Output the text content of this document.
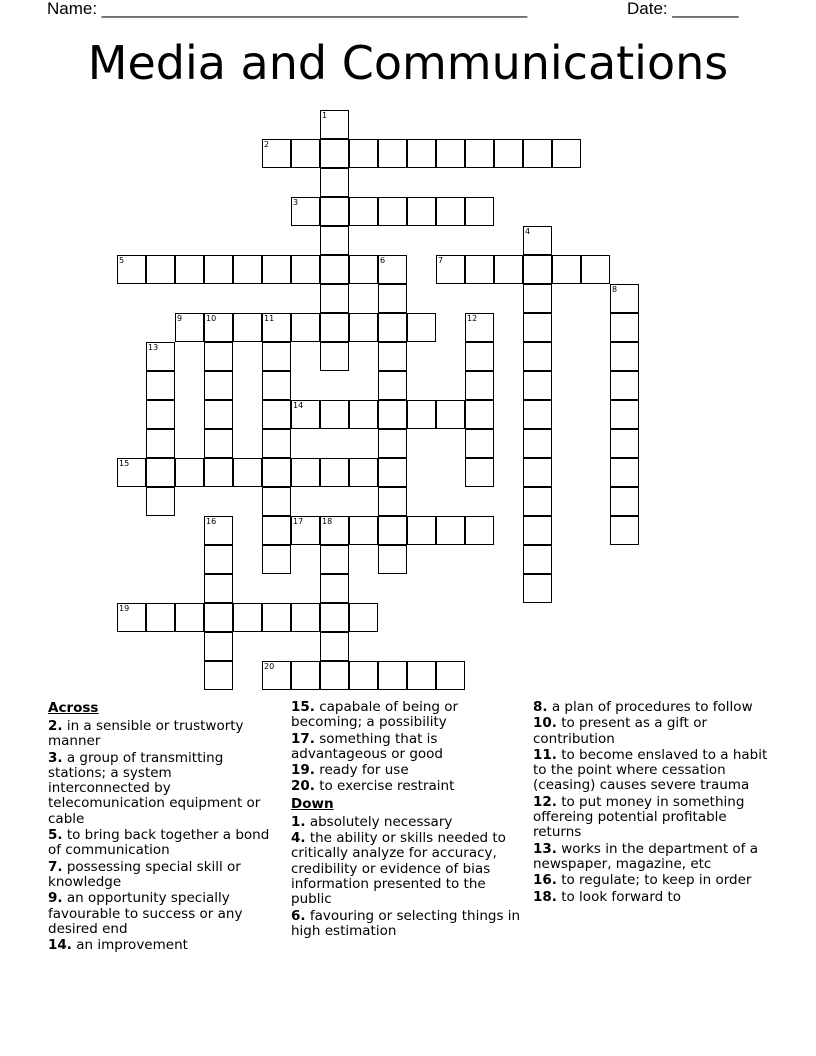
Name: _____________________________________________	Date: _______
Media and Communications
1
2
3
4
5	6	7
8
9	10	11	12
13
14
15
16	17 18
19
20
Across
2. in a sensible or trustworty manner
3. a group of transmitting stations; a system interconnected by telecomunication equipment or cable
5. to bring back together a bond of communication
7. possessing special skill or knowledge
9. an opportunity specially favourable to success or any desired end
14. an improvement
15. capabale of being or becoming; a possibility
17. something that is advantageous or good
19. ready for use
20. to exercise restraint
Down
1. absolutely necessary
4. the ability or skills needed to critically analyze for accuracy, credibility or evidence of bias information presented to the public
6. favouring or selecting things in high estimation
8. a plan of procedures to follow
10. to present as a gift or contribution
11. to become enslaved to a habit to the point where cessation (ceasing) causes severe trauma
12. to put money in something offereing potential profitable returns
13. works in the department of a newspaper, magazine, etc
16. to regulate; to keep in order
18. to look forward to
